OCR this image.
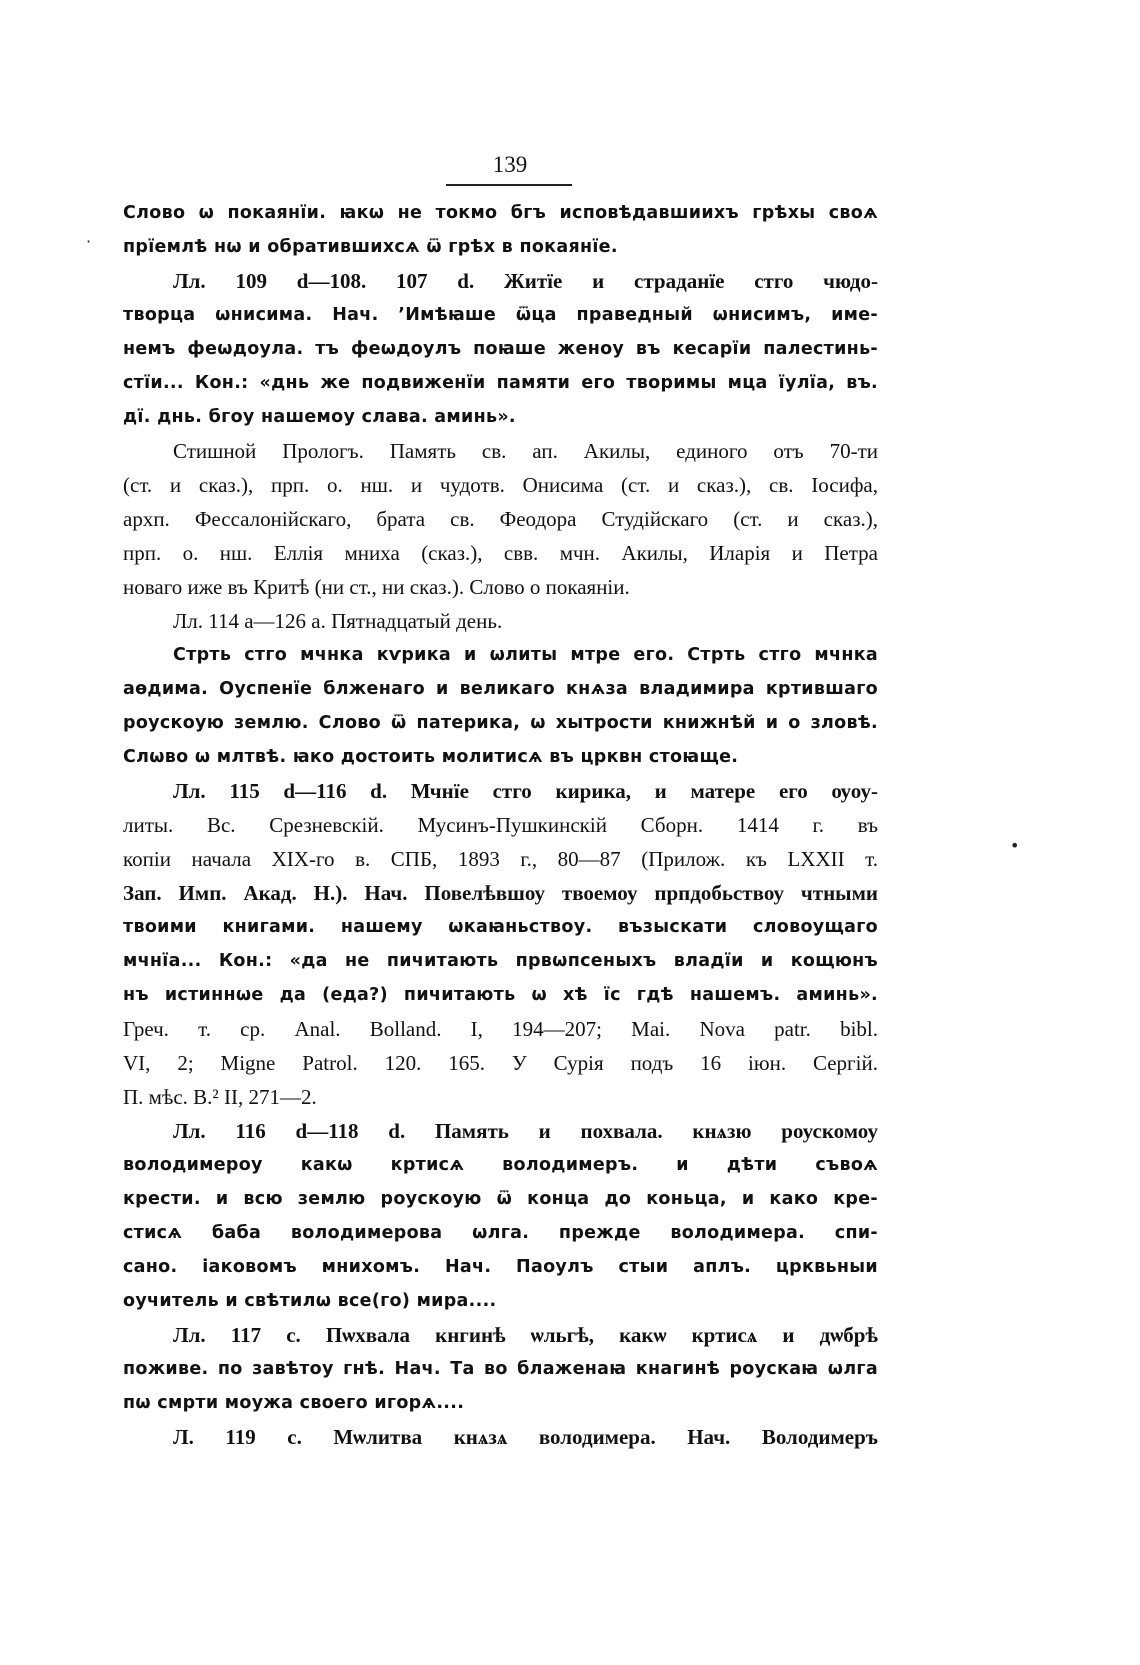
139
·
•
Слово ѡ покаянїи. ꙗкѡ не токмо бгъ исповѣдавшиихъ грѣхы своѧ
прїемлѣ нѡ и обратившихсѧ ѿ грѣх в покаянїе.
Лл. 109 d—108. 107 d. Житїе и страданїе стго чюдо-
творца ѡнисима. Нач. ʼИмѣꙗше ѿца праведный ѡнисимъ, име-
немъ феѡдоула. тъ феѡдоулъ поꙗше женоу въ кесарїи палестинь-
стїи... Кон.: «днь же подвиженїи памяти его творимы мца їулїа, въ.
дї. днь. бгоу нашемоу слава. аминь».
Стишной Прологъ. Память св. ап. Акилы, единого отъ 70-ти
(ст. и сказ.), прп. о. нш. и чудотв. Онисима (ст. и сказ.), св. Іосифа,
архп. Фессалонійскаго, брата св. Феодора Студійскаго (ст. и сказ.),
прп. о. нш. Еллія мниха (сказ.), свв. мчн. Акилы, Иларія и Петра
новаго иже въ Критѣ (ни ст., ни сказ.). Слово о покаяніи.
Лл. 114 а—126 а. Пятнадцатый день.
Стрть стго мчнка кѵрика и ѡлиты мтре его. Стрть стго мчнка
аѳдима. Оуспенїе блженаго и великаго кнѧза владимира кртившаго
роускоую землю. Слово ѿ патерика, ѡ хытрости книжнѣй и о зловѣ.
Слѡво ѡ млтвѣ. ꙗко достоить молитисѧ въ црквн стоꙗще.
Лл. 115 d—116 d. Мчнїе стго кирика, и матере его ѹоу-
литы. Вс. Срезневскій. Мусинъ-Пушкинскій Сборн. 1414 г. въ
копіи начала XIX-го в. СПБ, 1893 г., 80—87 (Прилож. къ LXXII т.
Зап. Имп. Акад. Н.). Нач. Повелѣвшоу твоемоу прпдобьствоу чтными
твоими книгами. нашему ѡкаꙗньствоу. възыскати словоущаго
мчнїа... Кон.: «да не пичитають првѡпсеныхъ владїи и кощюнъ
нъ истиннѡе да (еда?) пичитають ѡ хѣ їс гдѣ нашемъ. аминь».
Греч. т. ср. Anal. Bolland. I, 194—207; Mai. Nova patr. bibl.
VI, 2; Migne Patrol. 120. 165. У Сурія подъ 16 іюн. Сергій.
П. мѣс. В.² II, 271—2.
Лл. 116 d—118 d. Память и похвала. кнѧзю роускомоу
володимероу какѡ кртисѧ володимеръ. и дѣти съвоѧ
крести. и всю землю роускоую ѿ конца до коньца, и како кре-
стисѧ баба володимерова ѡлга. прежде володимера. спи-
сано. іаковомъ мнихомъ. Нач. Паоулъ стыи аплъ. црквьныи
оучитель и свѣтилѡ все(го) мира....
Лл. 117 с. Пѡхвала кнгинѣ ѡльгѣ, какѡ кртисѧ и дѡбрѣ
поживе. по завѣтоу гнѣ. Нач. Та во блаженаꙗ кнагинѣ роускаꙗ ѡлга
пѡ смрти моужа своего игорѧ....
Л. 119 с. Мѡлитва кнѧзѧ володимера. Нач. Володимеръ
